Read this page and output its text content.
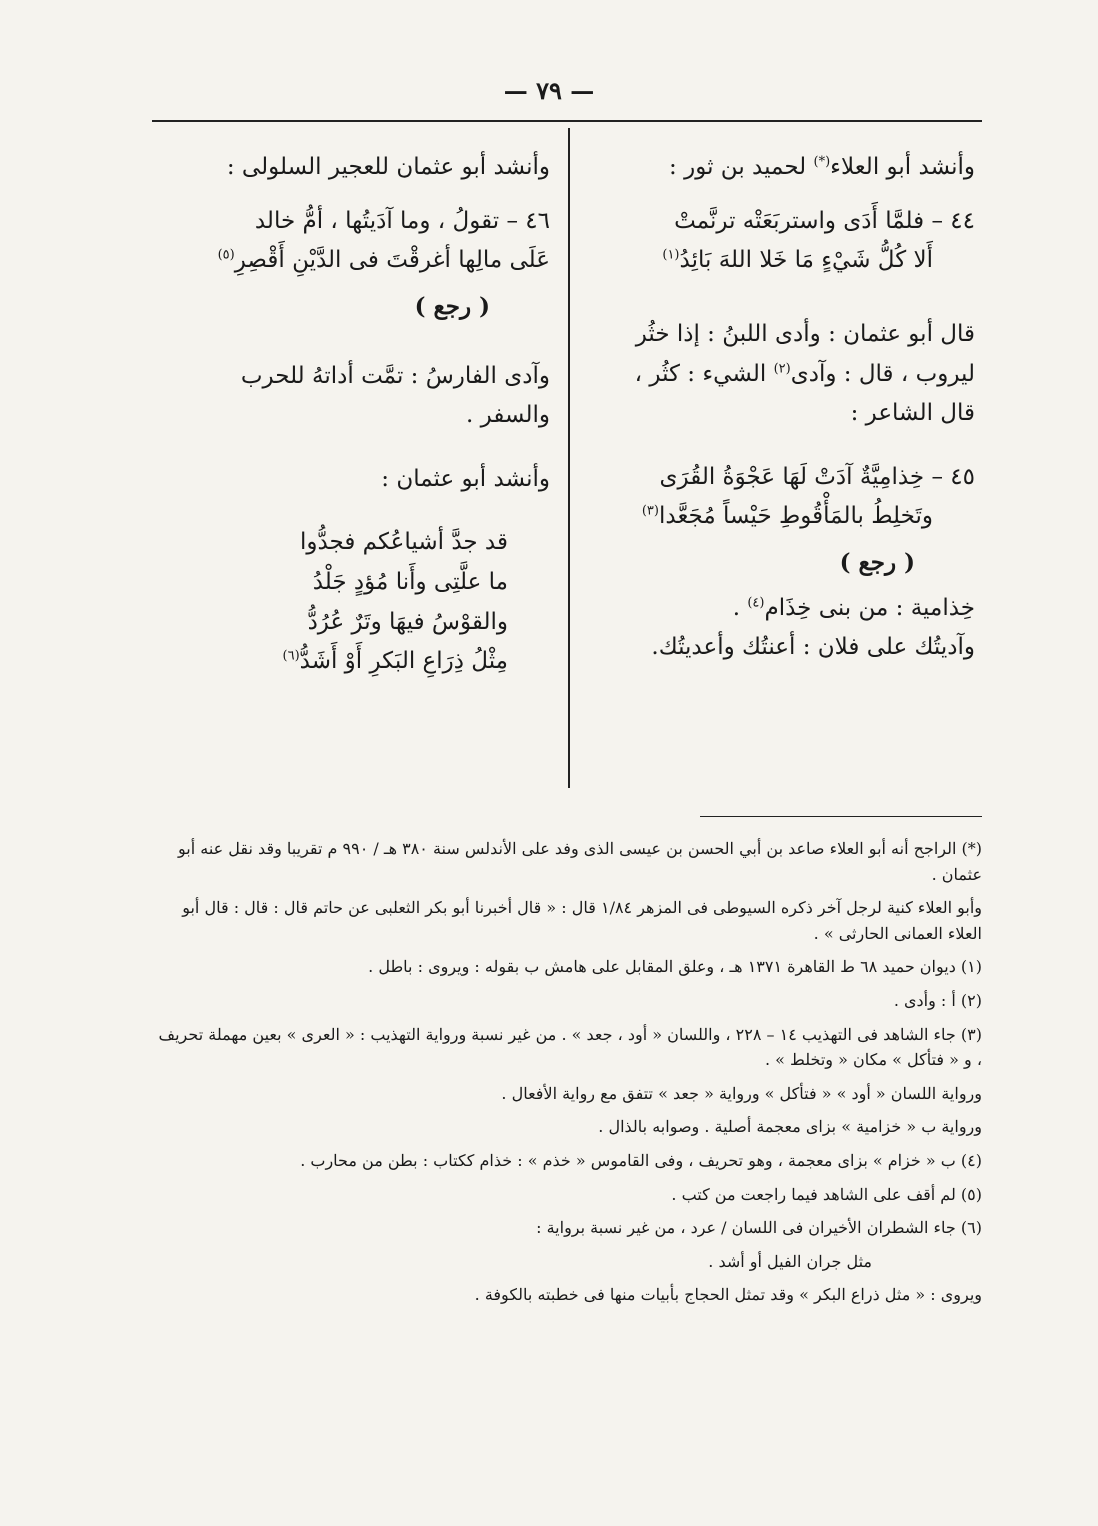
— ٧٩ —

وأنشد أبو العلاء(*) لحميد بن ثور :

٤٤ – فلمَّا أَدَى واستربَعَتْه ترنَّمتْ

أَلا كُلُّ شَيْءٍ مَا خَلا اللهَ بَائِدُ$^{(١)}$

قال أبو عثمان : وأدى اللبنُ : إذا خثُر

ليروب ، قال : وآدى$^{(٢)}$ الشيء : كثُر ،

قال الشاعر :

٤٥ – خِذامِيَّةٌ آدَتْ لَهَا عَجْوَةُ القُرَى

وتَخلِطُ بالمَأْقُوطِ حَيْساً مُجَعَّدا$^{(٣)}$

( رجع )

خِذامية : من بنى خِذَام$^{(٤)}$ .

وآديتُك على فلان : أعنتُك وأعديتُك.

وأنشد أبو عثمان للعجير السلولى :

٤٦ – تقولُ ، وما آدَيتُها ، أمُّ خالد

عَلَى مالِها أغرقْتَ فى الدَّيْنِ أَقْصِرِ$^{(٥)}$

( رجع )

وآدى الفارسُ : تمَّت أداتهُ للحرب

والسفر .

وأنشد أبو عثمان :

قد جدَّ أشياعُكم فجدُّوا

ما علَّتِى وأَنا مُؤدٍ جَلْدُ

والقوْسُ فيهَا وتَرٌ عُرُدُّ

مِثْلُ ذِرَاعِ البَكرِ أَوْ أَشَدُّ$^{(٦)}$

(*) الراجح أنه أبو العلاء صاعد بن أبي الحسن بن عيسى الذى وفد على الأندلس سنة ٣٨٠ هـ / ٩٩٠ م تقريبا وقد نقل عنه أبو عثمان .

وأبو العلاء كنية لرجل آخر ذكره السيوطى فى المزهر ١/٨٤ قال : « قال أخبرنا أبو بكر الثعلبى عن حاتم قال : قال : قال أبو العلاء العمانى الحارثى » .

(١) ديوان حميد ٦٨ ط القاهرة ١٣٧١ هـ ، وعلق المقابل على هامش ب بقوله : ويروى : باطل .

(٢) أ : وأدى .

(٣) جاء الشاهد فى التهذيب ١٤ – ٢٢٨ ، واللسان « أود ، جعد » . من غير نسبة ورواية التهذيب : « العرى » بعين مهملة تحريف ، و « فتأكل » مكان « وتخلط » .

ورواية اللسان « أود » « فتأكل » ورواية « جعد » تتفق مع رواية الأفعال .

ورواية ب « خزامية » بزاى معجمة أصلية . وصوابه بالذال .

(٤) ب « خزام » بزاى معجمة ، وهو تحريف ، وفى القاموس « خذم » : خذام ككتاب : بطن من محارب .

(٥) لم أقف على الشاهد فيما راجعت من كتب .

(٦) جاء الشطران الأخيران فى اللسان / عرد ، من غير نسبة برواية :

مثل جران الفيل أو أشد .

ويروى : « مثل ذراع البكر » وقد تمثل الحجاج بأبيات منها فى خطبته بالكوفة .
